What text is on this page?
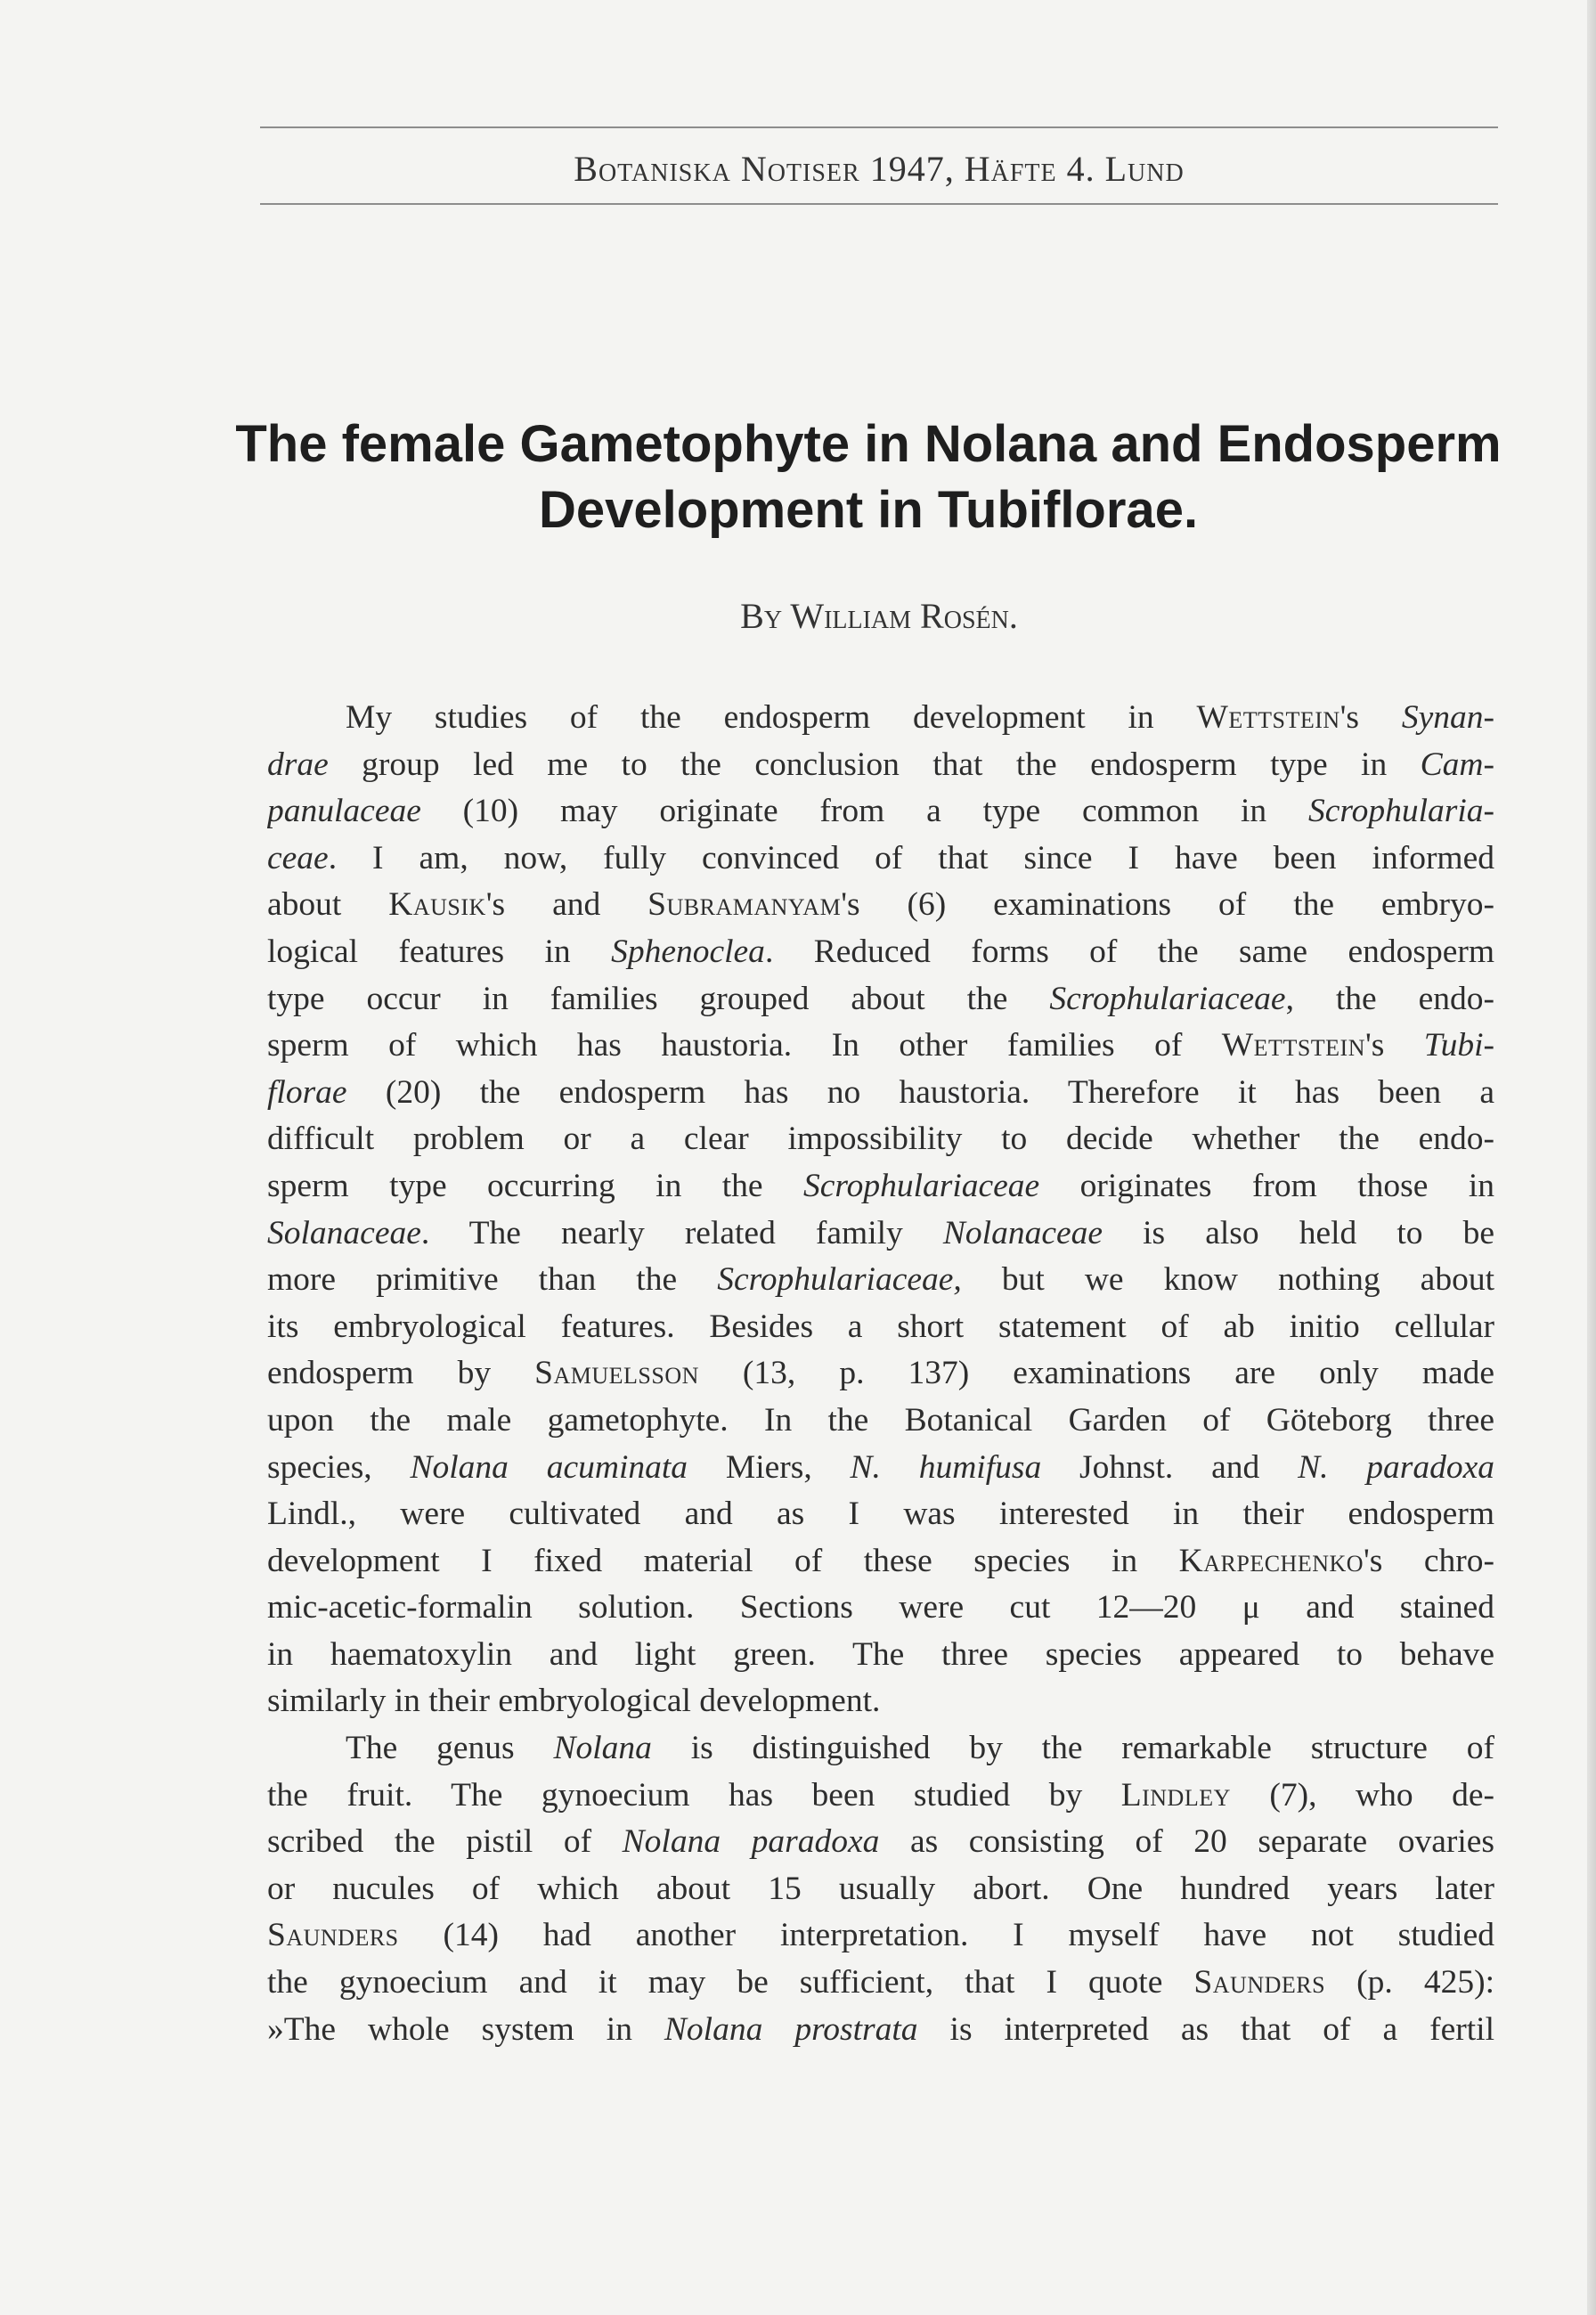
Botaniska Notiser 1947, Häfte 4. Lund
The female Gametophyte in Nolana and Endosperm
Development in Tubiflorae.
By William Rosén.
My studies of the endosperm development in Wettstein's Synan-
drae group led me to the conclusion that the endosperm type in Cam-
panulaceae (10) may originate from a type common in Scrophularia-
ceae. I am, now, fully convinced of that since I have been informed
about Kausik's and Subramanyam's (6) examinations of the embryo-
logical features in Sphenoclea. Reduced forms of the same endosperm
type occur in families grouped about the Scrophulariaceae, the endo-
sperm of which has haustoria. In other families of Wettstein's Tubi-
florae (20) the endosperm has no haustoria. Therefore it has been a
difficult problem or a clear impossibility to decide whether the endo-
sperm type occurring in the Scrophulariaceae originates from those in
Solanaceae. The nearly related family Nolanaceae is also held to be
more primitive than the Scrophulariaceae, but we know nothing about
its embryological features. Besides a short statement of ab initio cellular
endosperm by Samuelsson (13, p. 137) examinations are only made
upon the male gametophyte. In the Botanical Garden of Göteborg three
species, Nolana acuminata Miers, N. humifusa Johnst. and N. paradoxa
Lindl., were cultivated and as I was interested in their endosperm
development I fixed material of these species in Karpechenko's chro-
mic-acetic-formalin solution. Sections were cut 12—20 μ and stained
in haematoxylin and light green. The three species appeared to behave
similarly in their embryological development.
The genus Nolana is distinguished by the remarkable structure of
the fruit. The gynoecium has been studied by Lindley (7), who de-
scribed the pistil of Nolana paradoxa as consisting of 20 separate ovaries
or nucules of which about 15 usually abort. One hundred years later
Saunders (14) had another interpretation. I myself have not studied
the gynoecium and it may be sufficient, that I quote Saunders (p. 425):
»The whole system in Nolana prostrata is interpreted as that of a fertil
